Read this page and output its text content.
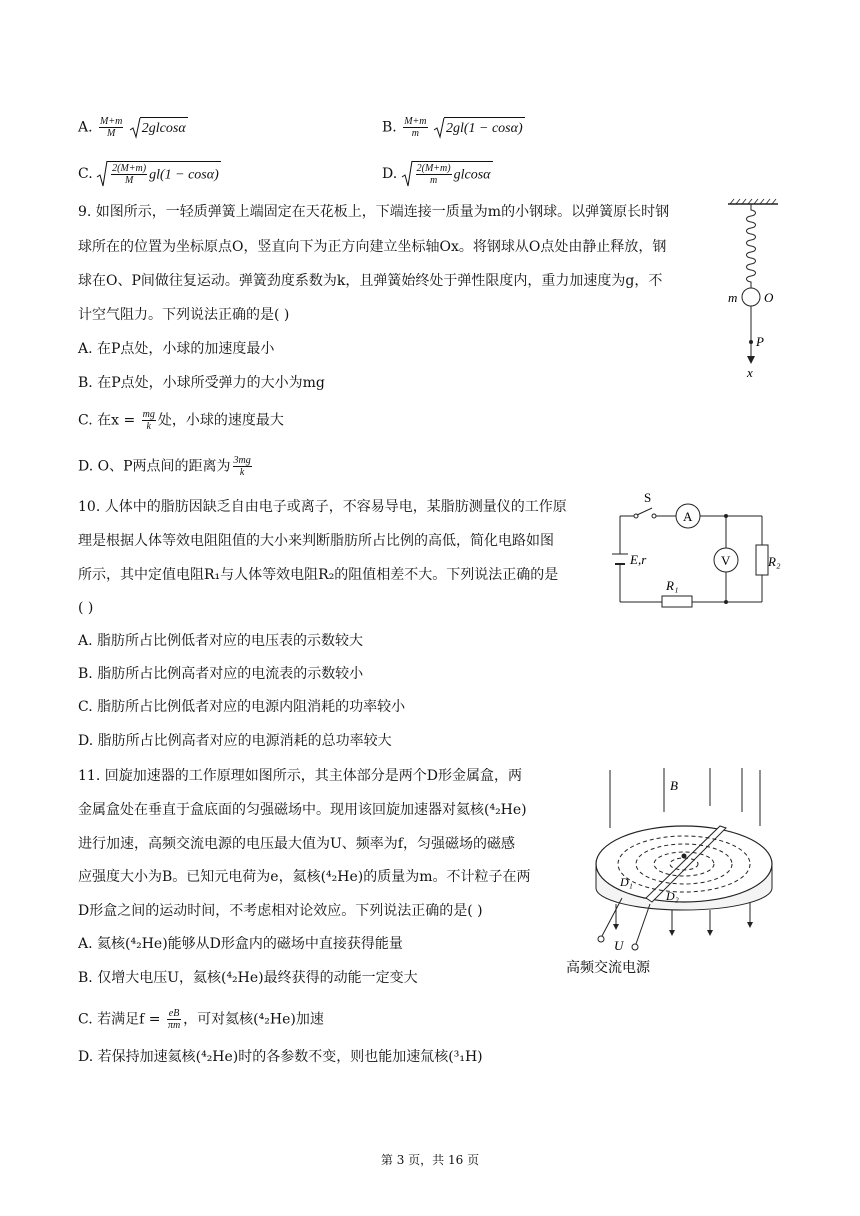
A. $\frac{M+m}{M} 2glcos\alpha$	B. $\frac{M+m}{m} 2gl(1 - \cos\alpha)$
C. $\frac{2(M+m)}{M} gl(1 - \cos\alpha)$	D. $\frac{2(M+m)}{m}$ glcosα
9. 如图所示，一轻质弹簧上端固定在天花板上，下端连接一质量为m的小钢球。以弹簧原长时钢
球所在的位置为坐标原点O，竖直向下为正方向建立坐标轴Ox。将钢球从O点处由静止释放，钢
球在O、P间做往复运动。弹簧劲度系数为k，且弹簧始终处于弹性限度内，重力加速度为g，不
计空气阻力。下列说法正确的是( )
A. 在P点处，小球的加速度最小
B. 在P点处，小球所受弹力的大小为mg
C. 在$x = \frac{mg}{k}$ 处，小球的速度最大
D. O、P两点间的距离为 $\frac{3mg}{k}$
m O
P
x
10. 人体中的脂肪因缺乏自由电子或离子，不容易导电，某脂肪测量仪的工作原
理是根据人体等效电阻阻值的大小来判断脂肪所占比例的高低，简化电路如图
所示，其中定值电阻R₁与人体等效电阻R₂的阻值相差不大。下列说法正确的是
( )
A. 脂肪所占比例低者对应的电压表的示数较大
B. 脂肪所占比例高者对应的电流表的示数较小
C. 脂肪所占比例低者对应的电源内阻消耗的功率较小
D. 脂肪所占比例高者对应的电源消耗的总功率较大
S
A
V
E,r
R₁
R₂
11. 回旋加速器的工作原理如图所示，其主体部分是两个D形金属盒，两
金属盒处在垂直于盒底面的匀强磁场中。现用该回旋加速器对氦核(⁴₂He)
进行加速，高频交流电源的电压最大值为U、频率为f，匀强磁场的磁感
应强度大小为B。已知元电荷为e，氦核(⁴₂He)的质量为m。不计粒子在两
D形盒之间的运动时间，不考虑相对论效应。下列说法正确的是( )
A. 氦核(⁴₂He)能够从D形盒内的磁场中直接获得能量
B. 仅增大电压U，氦核(⁴₂He)最终获得的动能一定变大
C. 若满足$f = \frac{eB}{\pi m}$ ，可对氦核(⁴₂He)加速
D. 若保持加速氦核(⁴₂He)时的各参数不变，则也能加速氚核(³₁H)
B
D₁
D₂
U
高频交流电源
第 3 页，共 16 页
